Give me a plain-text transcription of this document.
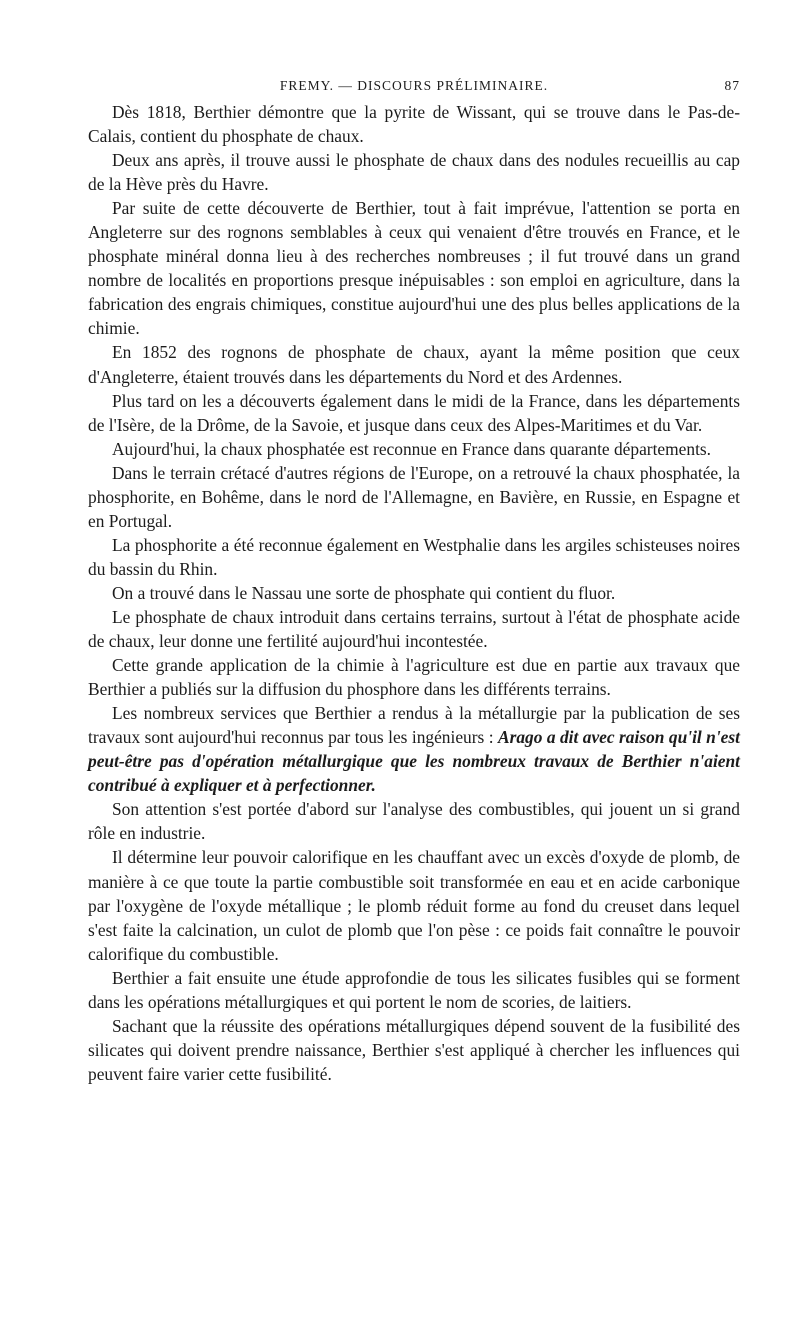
FREMY. — DISCOURS PRÉLIMINAIRE.	87

Dès 1818, Berthier démontre que la pyrite de Wissant, qui se trouve dans le Pas-de-Calais, contient du phosphate de chaux.

Deux ans après, il trouve aussi le phosphate de chaux dans des nodules recueillis au cap de la Hève près du Havre.

Par suite de cette découverte de Berthier, tout à fait imprévue, l'attention se porta en Angleterre sur des rognons semblables à ceux qui venaient d'être trouvés en France, et le phosphate minéral donna lieu à des recherches nombreuses ; il fut trouvé dans un grand nombre de localités en proportions presque inépuisables : son emploi en agriculture, dans la fabrication des engrais chimiques, constitue aujourd'hui une des plus belles applications de la chimie.

En 1852 des rognons de phosphate de chaux, ayant la même position que ceux d'Angleterre, étaient trouvés dans les départements du Nord et des Ardennes.

Plus tard on les a découverts également dans le midi de la France, dans les départements de l'Isère, de la Drôme, de la Savoie, et jusque dans ceux des Alpes-Maritimes et du Var.

Aujourd'hui, la chaux phosphatée est reconnue en France dans quarante départements.

Dans le terrain crétacé d'autres régions de l'Europe, on a retrouvé la chaux phosphatée, la phosphorite, en Bohême, dans le nord de l'Allemagne, en Bavière, en Russie, en Espagne et en Portugal.

La phosphorite a été reconnue également en Westphalie dans les argiles schisteuses noires du bassin du Rhin.

On a trouvé dans le Nassau une sorte de phosphate qui contient du fluor.

Le phosphate de chaux introduit dans certains terrains, surtout à l'état de phosphate acide de chaux, leur donne une fertilité aujourd'hui incontestée.

Cette grande application de la chimie à l'agriculture est due en partie aux travaux que Berthier a publiés sur la diffusion du phosphore dans les différents terrains.

Les nombreux services que Berthier a rendus à la métallurgie par la publication de ses travaux sont aujourd'hui reconnus par tous les ingénieurs : Arago a dit avec raison qu'il n'est peut-être pas d'opération métallurgique que les nombreux travaux de Berthier n'aient contribué à expliquer et à perfectionner.

Son attention s'est portée d'abord sur l'analyse des combustibles, qui jouent un si grand rôle en industrie.

Il détermine leur pouvoir calorifique en les chauffant avec un excès d'oxyde de plomb, de manière à ce que toute la partie combustible soit transformée en eau et en acide carbonique par l'oxygène de l'oxyde métallique ; le plomb réduit forme au fond du creuset dans lequel s'est faite la calcination, un culot de plomb que l'on pèse : ce poids fait connaître le pouvoir calorifique du combustible.

Berthier a fait ensuite une étude approfondie de tous les silicates fusibles qui se forment dans les opérations métallurgiques et qui portent le nom de scories, de laitiers.

Sachant que la réussite des opérations métallurgiques dépend souvent de la fusibilité des silicates qui doivent prendre naissance, Berthier s'est appliqué à chercher les influences qui peuvent faire varier cette fusibilité.
